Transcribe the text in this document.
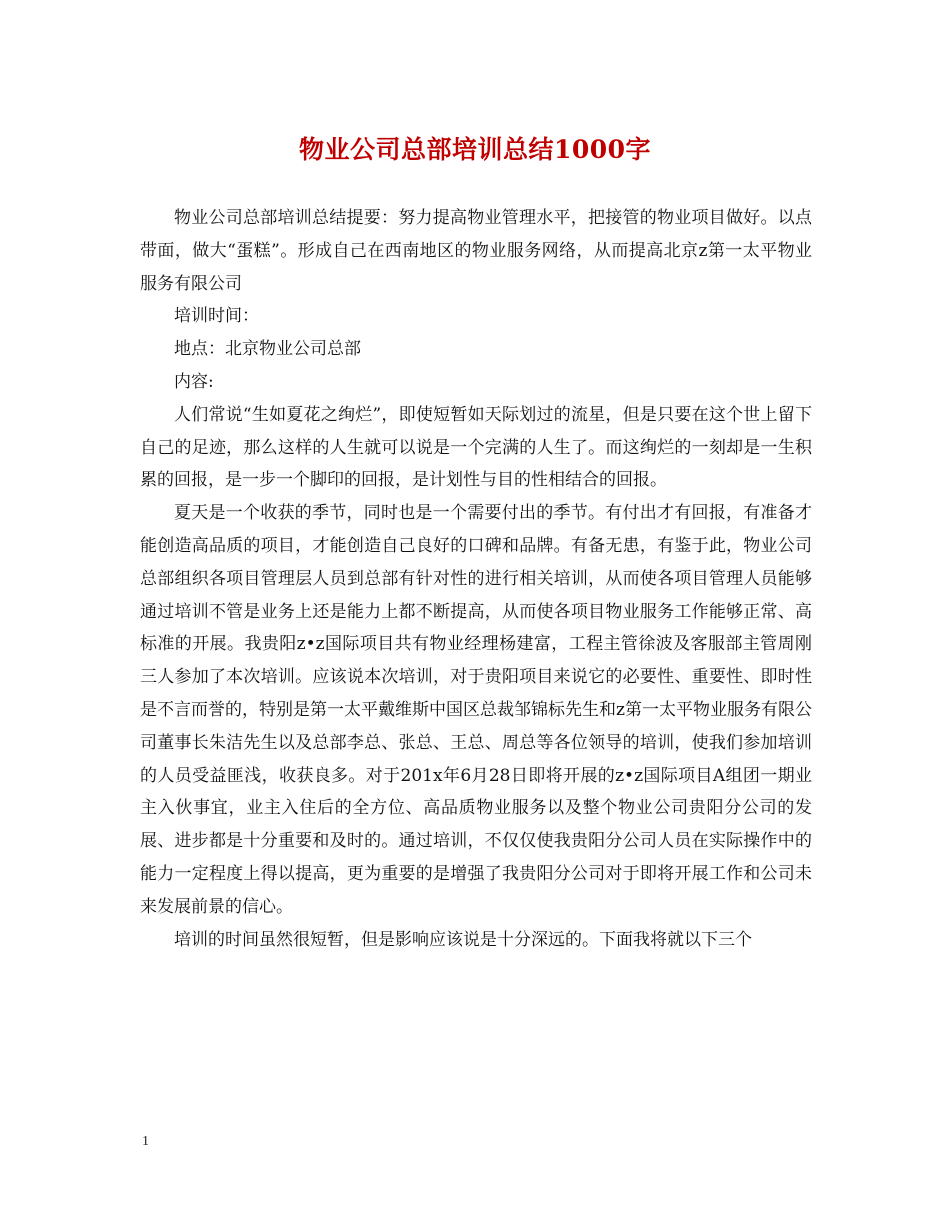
物业公司总部培训总结1000字

物业公司总部培训总结提要：努力提高物业管理水平，把接管的物业项目做好。以点带面，做大“蛋糕”。形成自己在西南地区的物业服务网络，从而提高北京z第一太平物业服务有限公司

培训时间：

地点：北京物业公司总部

内容:

人们常说“生如夏花之绚烂”，即使短暂如天际划过的流星，但是只要在这个世上留下自己的足迹，那么这样的人生就可以说是一个完满的人生了。而这绚烂的一刻却是一生积累的回报，是一步一个脚印的回报，是计划性与目的性相结合的回报。

夏天是一个收获的季节，同时也是一个需要付出的季节。有付出才有回报，有准备才能创造高品质的项目，才能创造自己良好的口碑和品牌。有备无患，有鉴于此，物业公司总部组织各项目管理层人员到总部有针对性的进行相关培训，从而使各项目管理人员能够通过培训不管是业务上还是能力上都不断提高，从而使各项目物业服务工作能够正常、高标准的开展。我贵阳z•z国际项目共有物业经理杨建富，工程主管徐波及客服部主管周刚三人参加了本次培训。应该说本次培训，对于贵阳项目来说它的必要性、重要性、即时性是不言而誉的，特别是第一太平戴维斯中国区总裁邹锦标先生和z第一太平物业服务有限公司董事长朱洁先生以及总部李总、张总、王总、周总等各位领导的培训，使我们参加培训的人员受益匪浅，收获良多。对于201x年6月28日即将开展的z•z国际项目A组团一期业主入伙事宜，业主入住后的全方位、高品质物业服务以及整个物业公司贵阳分公司的发展、进步都是十分重要和及时的。通过培训，不仅仅使我贵阳分公司人员在实际操作中的能力一定程度上得以提高，更为重要的是增强了我贵阳分公司对于即将开展工作和公司未来发展前景的信心。

培训的时间虽然很短暂，但是影响应该说是十分深远的。下面我将就以下三个

1
